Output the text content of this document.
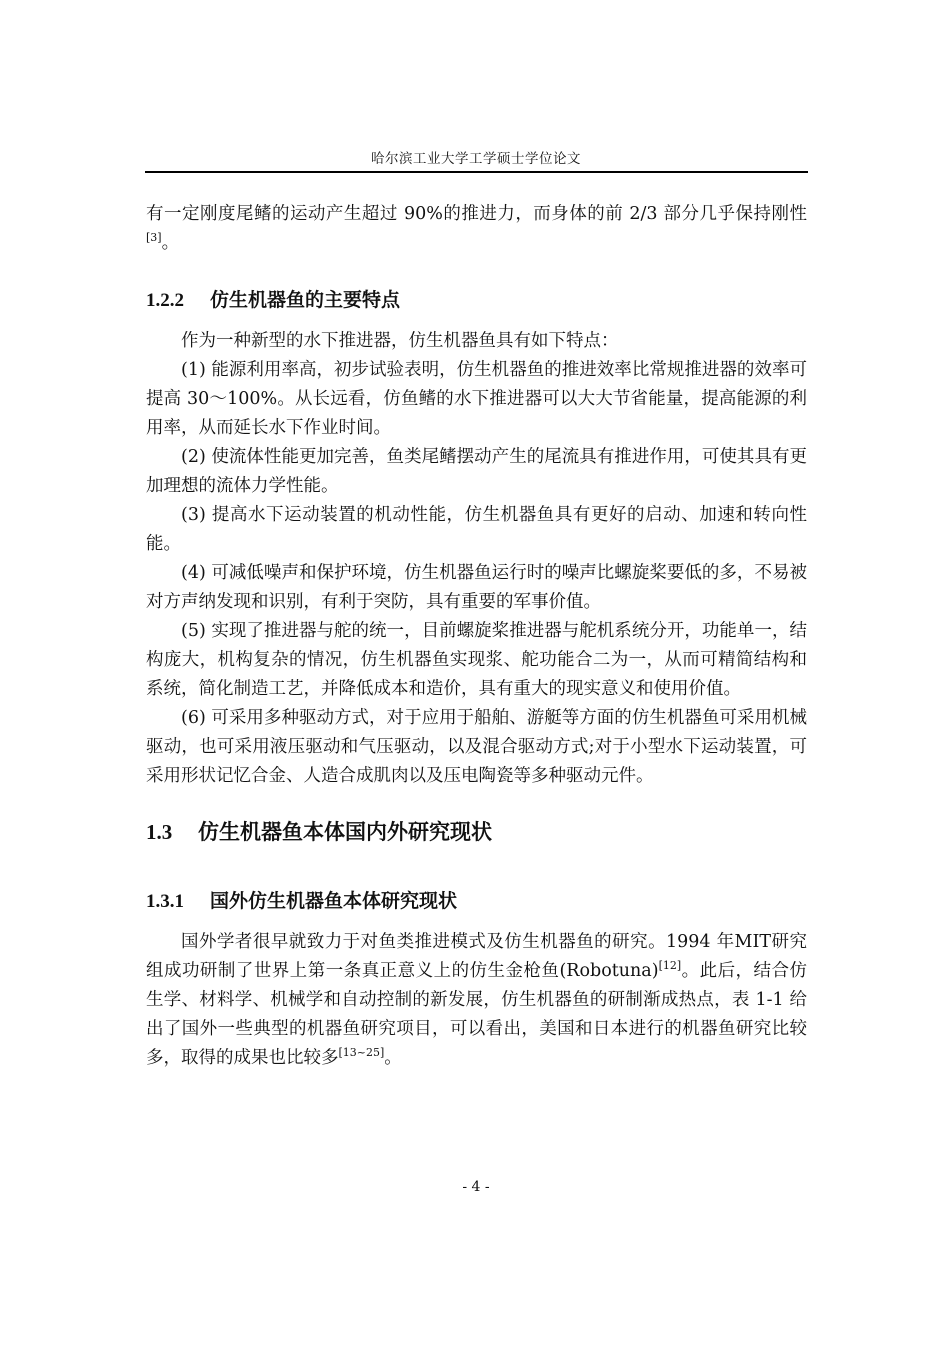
哈尔滨工业大学工学硕士学位论文

有一定刚度尾鳍的运动产生超过 90%的推进力，而身体的前 2/3 部分几乎保持刚性[3]。

1.2.2 仿生机器鱼的主要特点

作为一种新型的水下推进器，仿生机器鱼具有如下特点：

(1) 能源利用率高，初步试验表明，仿生机器鱼的推进效率比常规推进器的效率可提高 30～100%。从长远看，仿鱼鳍的水下推进器可以大大节省能量，提高能源的利用率，从而延长水下作业时间。

(2) 使流体性能更加完善，鱼类尾鳍摆动产生的尾流具有推进作用，可使其具有更加理想的流体力学性能。

(3) 提高水下运动装置的机动性能，仿生机器鱼具有更好的启动、加速和转向性能。

(4) 可减低噪声和保护环境，仿生机器鱼运行时的噪声比螺旋桨要低的多，不易被对方声纳发现和识别，有利于突防，具有重要的军事价值。

(5) 实现了推进器与舵的统一，目前螺旋桨推进器与舵机系统分开，功能单一，结构庞大，机构复杂的情况，仿生机器鱼实现浆、舵功能合二为一，从而可精简结构和系统，简化制造工艺，并降低成本和造价，具有重大的现实意义和使用价值。

(6) 可采用多种驱动方式，对于应用于船舶、游艇等方面的仿生机器鱼可采用机械驱动，也可采用液压驱动和气压驱动，以及混合驱动方式;对于小型水下运动装置，可采用形状记忆合金、人造合成肌肉以及压电陶瓷等多种驱动元件。

1.3 仿生机器鱼本体国内外研究现状
1.3.1 国外仿生机器鱼本体研究现状

国外学者很早就致力于对鱼类推进模式及仿生机器鱼的研究。1994 年MIT研究组成功研制了世界上第一条真正意义上的仿生金枪鱼(Robotuna)[12]。此后，结合仿生学、材料学、机械学和自动控制的新发展，仿生机器鱼的研制渐成热点，表 1-1 给出了国外一些典型的机器鱼研究项目，可以看出，美国和日本进行的机器鱼研究比较多，取得的成果也比较多[13~25]。

- 4 -
